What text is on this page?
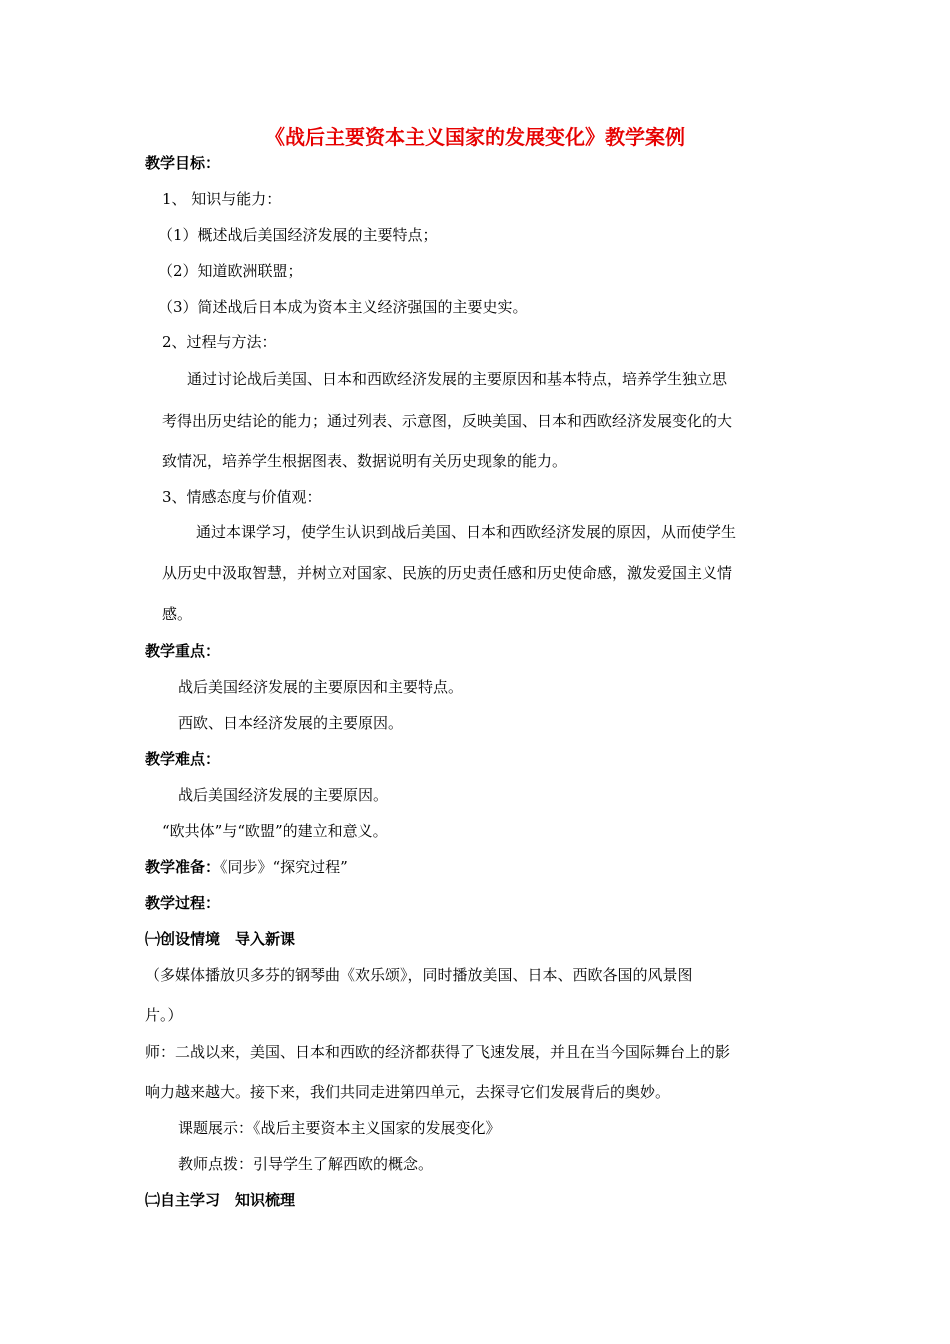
《战后主要资本主义国家的发展变化》教学案例
教学目标：
1、 知识与能力：
（1）概述战后美国经济发展的主要特点；
（2）知道欧洲联盟；
（3）简述战后日本成为资本主义经济强国的主要史实。
2、过程与方法：
通过讨论战后美国、日本和西欧经济发展的主要原因和基本特点，培养学生独立思
考得出历史结论的能力；通过列表、示意图，反映美国、日本和西欧经济发展变化的大
致情况，培养学生根据图表、数据说明有关历史现象的能力。
3、情感态度与价值观：
通过本课学习，使学生认识到战后美国、日本和西欧经济发展的原因，从而使学生
从历史中汲取智慧，并树立对国家、民族的历史责任感和历史使命感，激发爱国主义情
感。
教学重点：
战后美国经济发展的主要原因和主要特点。
西欧、日本经济发展的主要原因。
教学难点：
战后美国经济发展的主要原因。
“欧共体”与“欧盟”的建立和意义。
教学准备：《同步》“探究过程”
教学过程：
㈠创设情境　导入新课
（多媒体播放贝多芬的钢琴曲《欢乐颂》，同时播放美国、日本、西欧各国的风景图
片。）
师：二战以来，美国、日本和西欧的经济都获得了飞速发展，并且在当今国际舞台上的影
响力越来越大。接下来，我们共同走进第四单元，去探寻它们发展背后的奥妙。
课题展示：《战后主要资本主义国家的发展变化》
教师点拨：引导学生了解西欧的概念。
㈡自主学习　知识梳理
